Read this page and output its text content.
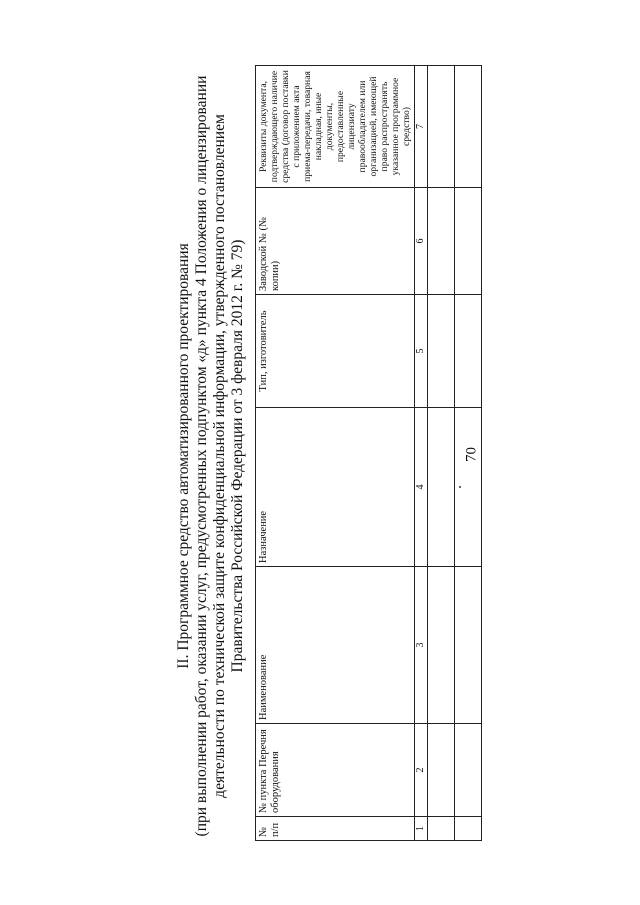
70
II. Программное средство автоматизированного проектирования (при выполнении работ, оказании услуг, предусмотренных подпунктом «д» пункта 4 Положения о лицензировании деятельности по технической защите конфиденциальной информации, утвержденного постановлением Правительства Российской Федерации от 3 февраля 2012 г. № 79)
№ п/п	№ пункта Перечня оборудования	Наименование	Назначение	Тип, изготовитель	Заводской № (№ копии)	Реквизиты документа, подтверждающего наличие средства (договор поставки с приложением акта приема-передачи, товарная накладная, иные документы, предоставленные лицензиату правообладателем или организацией, имеющей право распространять указанное программное средство)
1	2	3	4	5	6	7
